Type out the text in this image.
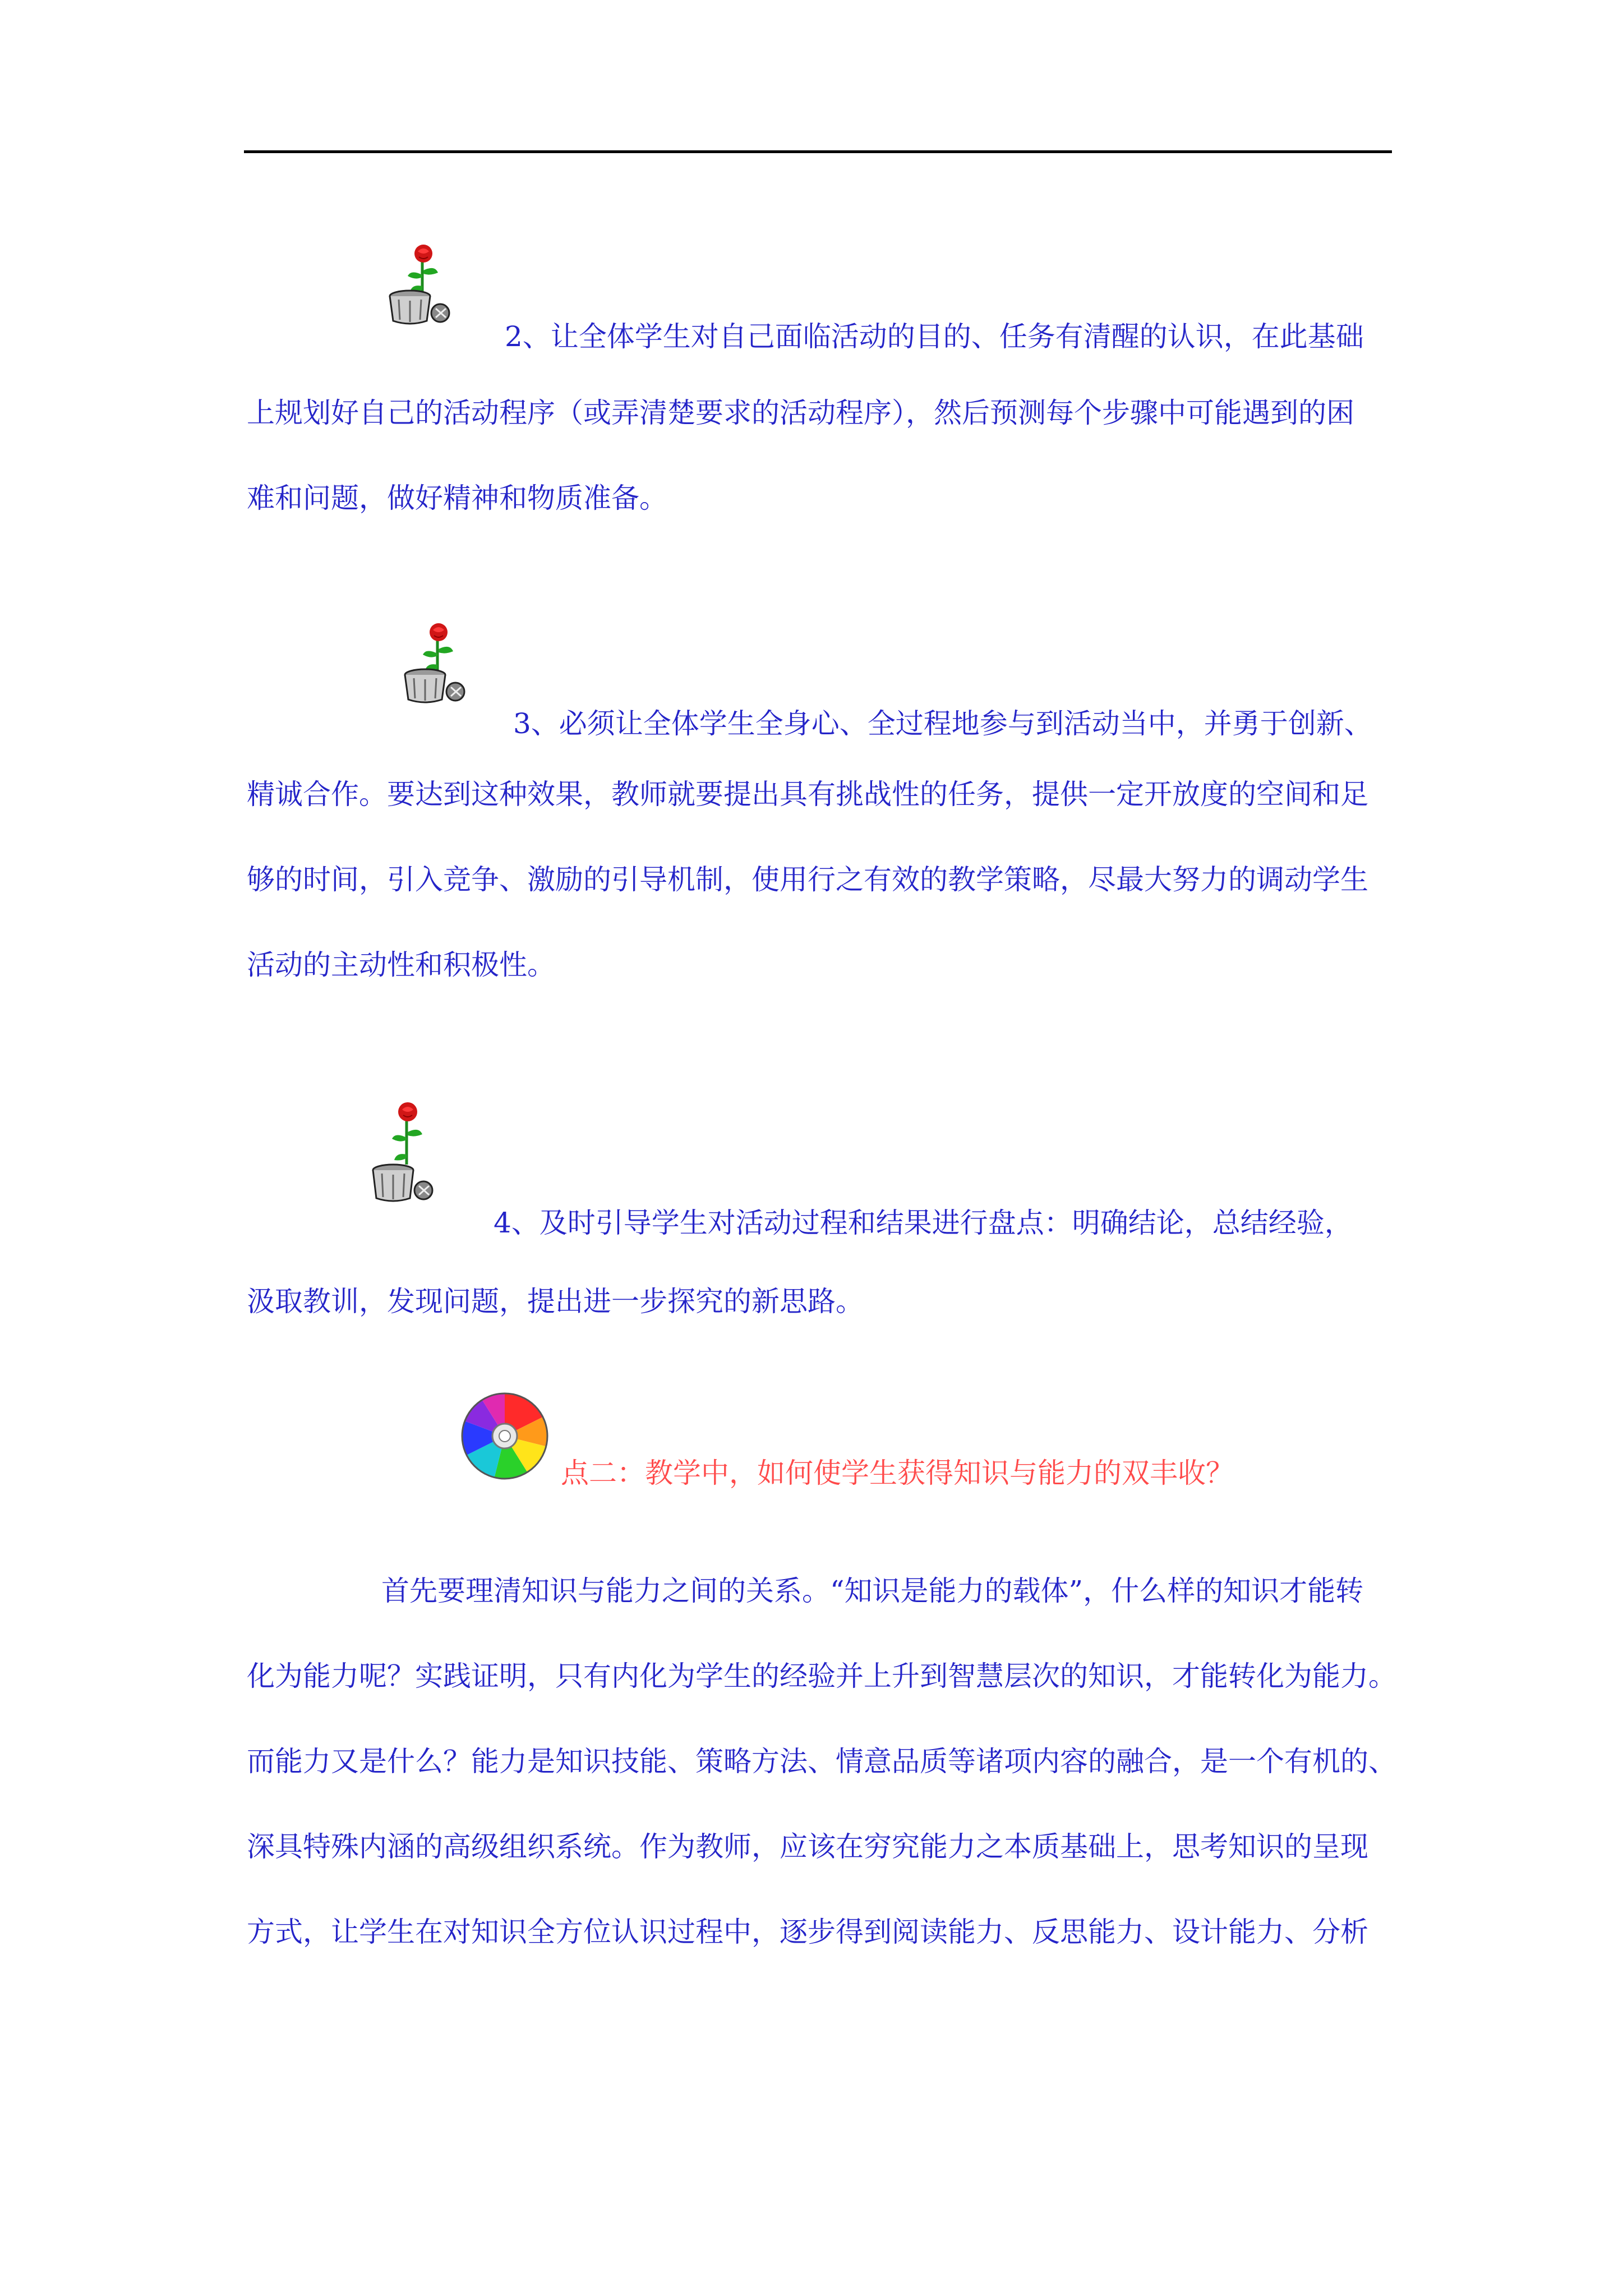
2、让全体学生对自己面临活动的目的、任务有清醒的认识，在此基础
上规划好自己的活动程序（或弄清楚要求的活动程序），然后预测每个步骤中可能遇到的困
难和问题，做好精神和物质准备。
3、必须让全体学生全身心、全过程地参与到活动当中，并勇于创新、
精诚合作。要达到这种效果，教师就要提出具有挑战性的任务，提供一定开放度的空间和足
够的时间，引入竞争、激励的引导机制，使用行之有效的教学策略，尽最大努力的调动学生
活动的主动性和积极性。
4、及时引导学生对活动过程和结果进行盘点：明确结论，总结经验，
汲取教训，发现问题，提出进一步探究的新思路。
点二：教学中，如何使学生获得知识与能力的双丰收？
首先要理清知识与能力之间的关系。“知识是能力的载体”，什么样的知识才能转
化为能力呢？实践证明，只有内化为学生的经验并上升到智慧层次的知识，才能转化为能力。
而能力又是什么？能力是知识技能、策略方法、情意品质等诸项内容的融合，是一个有机的、
深具特殊内涵的高级组织系统。作为教师，应该在穷究能力之本质基础上，思考知识的呈现
方式，让学生在对知识全方位认识过程中，逐步得到阅读能力、反思能力、设计能力、分析
